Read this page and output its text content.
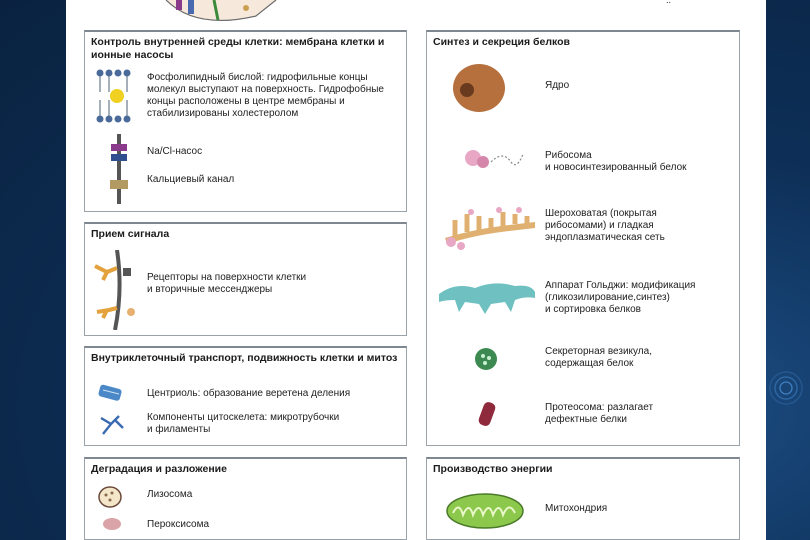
..
Контроль внутренней среды клетки: мембрана клетки и ионные насосы
Фосфолипидный бислой: гидрофильные концы молекул выступают на поверхность. Гидрофобные концы расположены в центре мембраны и стабилизированы холестеролом
Na/Cl-насос
Кальциевый канал
Прием сигнала
Рецепторы на поверхности клетки
и вторичные мессенджеры
Внутриклеточный транспорт, подвижность клетки и митоз
Центриоль: образование веретена деления
Компоненты цитоскелета: микротрубочки
и филаменты
Деградация и разложение
Лизосома
Пероксисома
Синтез и секреция белков
Ядро
Рибосома
и новосинтезированный белок
Шероховатая (покрытая
рибосомами) и гладкая
эндоплазматическая сеть
Аппарат Гольджи: модификация
(гликозилирование,синтез)
и сортировка белков
Секреторная везикула,
содержащая белок
Протеосома: разлагает
дефектные белки
Производство энергии
Митохондрия
